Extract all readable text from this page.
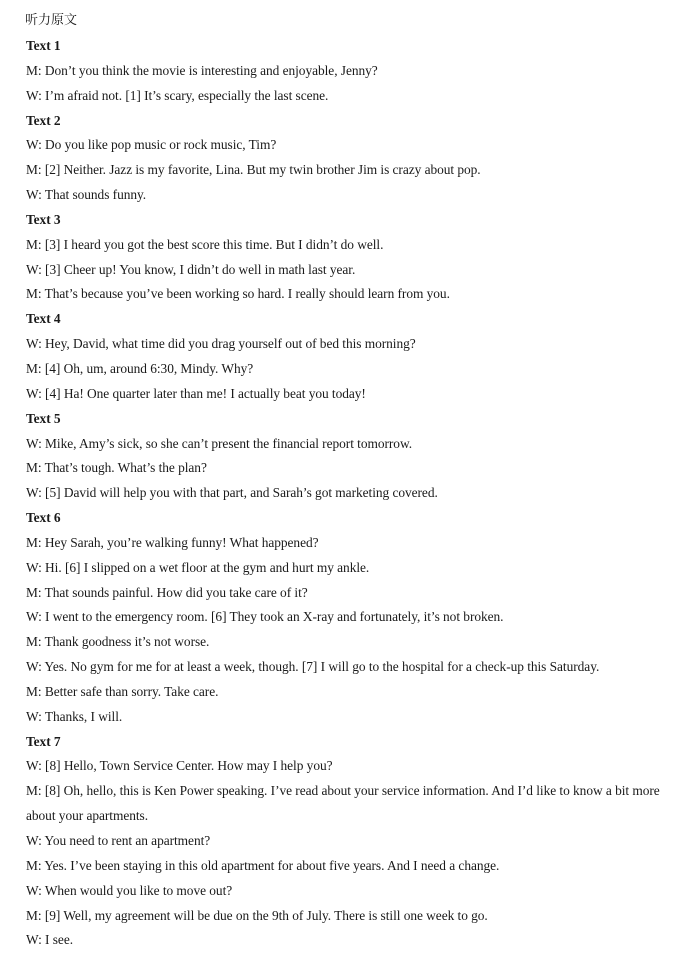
听力原文
Text 1
M: Don’t you think the movie is interesting and enjoyable, Jenny?
W: I’m afraid not. [1] It’s scary, especially the last scene.
Text 2
W: Do you like pop music or rock music, Tim?
M: [2] Neither. Jazz is my favorite, Lina. But my twin brother Jim is crazy about pop.
W: That sounds funny.
Text 3
M: [3] I heard you got the best score this time. But I didn’t do well.
W: [3] Cheer up! You know, I didn’t do well in math last year.
M: That’s because you’ve been working so hard. I really should learn from you.
Text 4
W: Hey, David, what time did you drag yourself out of bed this morning?
M: [4] Oh, um, around 6:30, Mindy. Why?
W: [4] Ha! One quarter later than me! I actually beat you today!
Text 5
W: Mike, Amy’s sick, so she can’t present the financial report tomorrow.
M: That’s tough. What’s the plan?
W: [5] David will help you with that part, and Sarah’s got marketing covered.
Text 6
M: Hey Sarah, you’re walking funny! What happened?
W: Hi. [6] I slipped on a wet floor at the gym and hurt my ankle.
M: That sounds painful. How did you take care of it?
W: I went to the emergency room. [6] They took an X-ray and fortunately, it’s not broken.
M: Thank goodness it’s not worse.
W: Yes. No gym for me for at least a week, though. [7] I will go to the hospital for a check-up this Saturday.
M: Better safe than sorry. Take care.
W: Thanks, I will.
Text 7
W: [8] Hello, Town Service Center. How may I help you?
M: [8] Oh, hello, this is Ken Power speaking. I’ve read about your service information. And I’d like to know a bit more about your apartments.
W: You need to rent an apartment?
M: Yes. I’ve been staying in this old apartment for about five years. And I need a change.
W: When would you like to move out?
M: [9] Well, my agreement will be due on the 9th of July. There is still one week to go.
W: I see.
